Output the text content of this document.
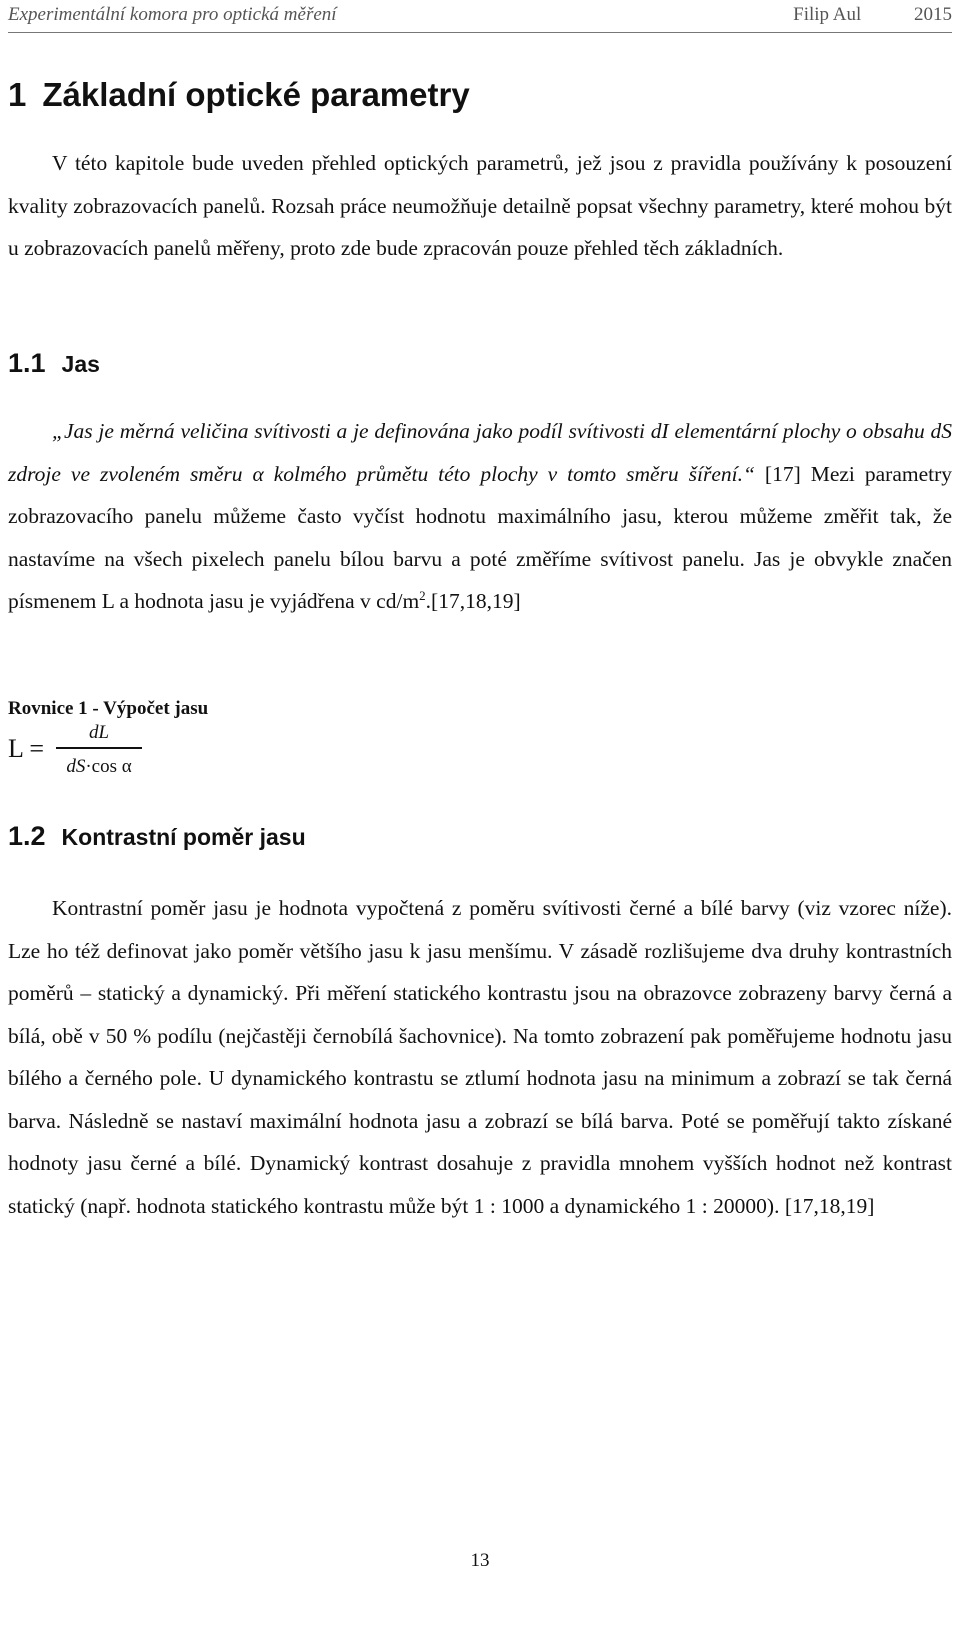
Experimentální komora pro optická měření	Filip Aul	2015
1 Základní optické parametry

V této kapitole bude uveden přehled optických parametrů, jež jsou z pravidla používány k posouzení kvality zobrazovacích panelů. Rozsah práce neumožňuje detailně popsat všechny parametry, které mohou být u zobrazovacích panelů měřeny, proto zde bude zpracován pouze přehled těch základních.

1.1 Jas

„Jas je měrná veličina svítivosti a je definována jako podíl svítivosti dI elementární plochy o obsahu dS zdroje ve zvoleném směru α kolmého průmětu této plochy v tomto směru šíření.“ [17] Mezi parametry zobrazovacího panelu můžeme často vyčíst hodnotu maximálního jasu, kterou můžeme změřit tak, že nastavíme na všech pixelech panelu bílou barvu a poté změříme svítivost panelu. Jas je obvykle značen písmenem L a hodnota jasu je vyjádřena v $cd/m^2.[17,18,19]$

Rovnice 1 - Výpočet jasu

L =
dL
dS·cos α
1.2 Kontrastní poměr jasu

Kontrastní poměr jasu je hodnota vypočtená z poměru svítivosti černé a bílé barvy (viz vzorec níže). Lze ho též definovat jako poměr většího jasu k jasu menšímu. V zásadě rozlišujeme dva druhy kontrastních poměrů – statický a dynamický. Při měření statického kontrastu jsou na obrazovce zobrazeny barvy černá a bílá, obě v 50 % podílu (nejčastěji černobílá šachovnice). Na tomto zobrazení pak poměřujeme hodnotu jasu bílého a černého pole. U dynamického kontrastu se ztlumí hodnota jasu na minimum a zobrazí se tak černá barva. Následně se nastaví maximální hodnota jasu a zobrazí se bílá barva. Poté se poměřují takto získané hodnoty jasu černé a bílé. Dynamický kontrast dosahuje z pravidla mnohem vyšších hodnot než kontrast statický (např. hodnota statického kontrastu může být 1 : 1000 a dynamického 1 : 20000). [17,18,19]

13
